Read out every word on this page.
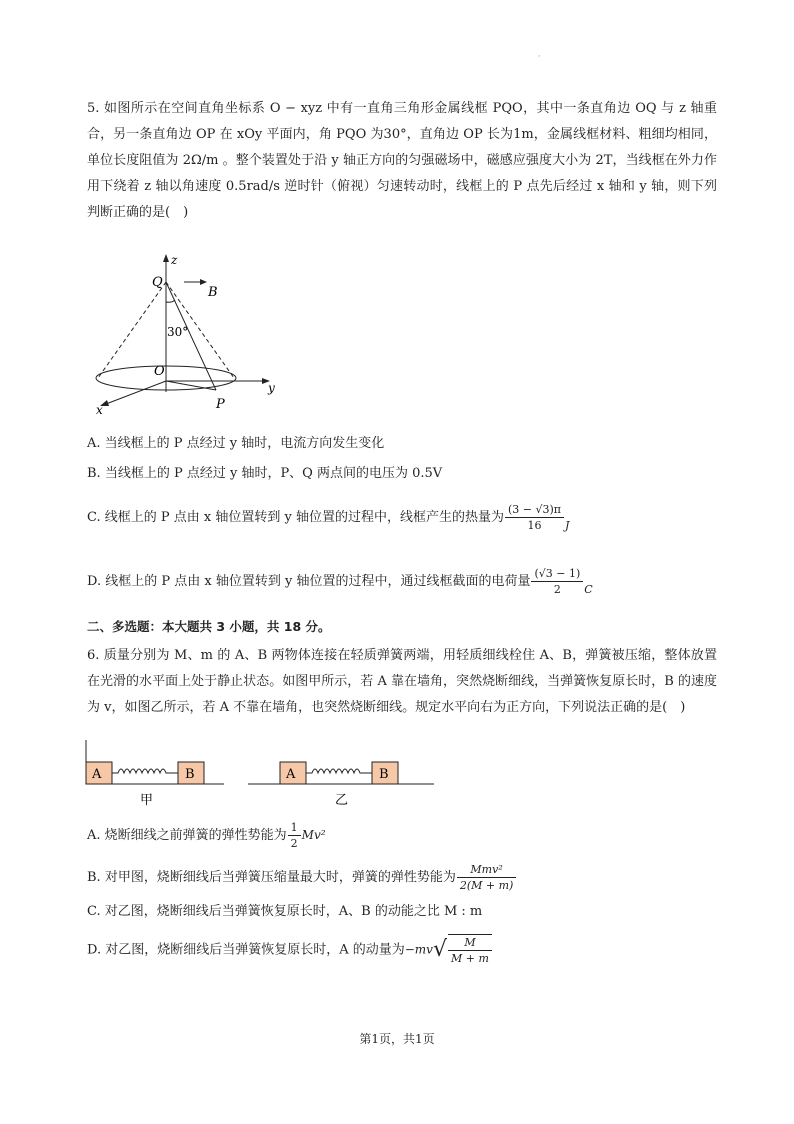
·
5. 如图所示在空间直角坐标系 O − xyz 中有一直角三角形金属线框 PQO，其中一条直角边 OQ 与 z 轴重合，另一条直角边 OP 在 xOy 平面内，角 PQO 为30°，直角边 OP 长为1m，金属线框材料、粗细均相同，单位长度阻值为 2Ω/m 。整个装置处于沿 y 轴正方向的匀强磁场中，磁感应强度大小为 2T，当线框在外力作用下绕着 z 轴以角速度 0.5rad/s 逆时针（俯视）匀速转动时，线框上的 P 点先后经过 x 轴和 y 轴，则下列判断正确的是(　)
z
Q
B
30°
O
y
x	P
A. 当线框上的 P 点经过 y 轴时，电流方向发生变化
B. 当线框上的 P 点经过 y 轴时，P、Q 两点间的电压为 0.5V
C. 线框上的 P 点由 x 轴位置转到 y 轴位置的过程中，线框产生的热量为 $\frac{(3 - √3)\pi}{16} _J$
D. 线框上的 P 点由 x 轴位置转到 y 轴位置的过程中，通过线框截面的电荷量 $\frac{(√3 - 1)}{2} _C$
二、多选题：本大题共 3 小题，共 18 分。
6. 质量分别为 M、m 的 A、B 两物体连接在轻质弹簧两端，用轻质细线栓住 A、B，弹簧被压缩，整体放置在光滑的水平面上处于静止状态。如图甲所示，若 A 靠在墙角，突然烧断细线，当弹簧恢复原长时，B 的速度为 v，如图乙所示，若 A 不靠在墙角，也突然烧断细线。规定水平向右为正方向，下列说法正确的是(　)
A	B
甲
A	B
乙
A. 烧断细线之前弹簧的弹性势能为 $\frac{1}{2} Mv^2$
B. 对甲图，烧断细线后当弹簧压缩量最大时，弹簧的弹性势能为 $\frac{\text{Mmv²}}{2(M + m)}$
C. 对乙图，烧断细线后当弹簧恢复原长时，A、B 的动能之比 M : m
D. 对乙图，烧断细线后当弹簧恢复原长时，A 的动量为$-mv√ \frac{M}{M + m}$
第1页，共1页
